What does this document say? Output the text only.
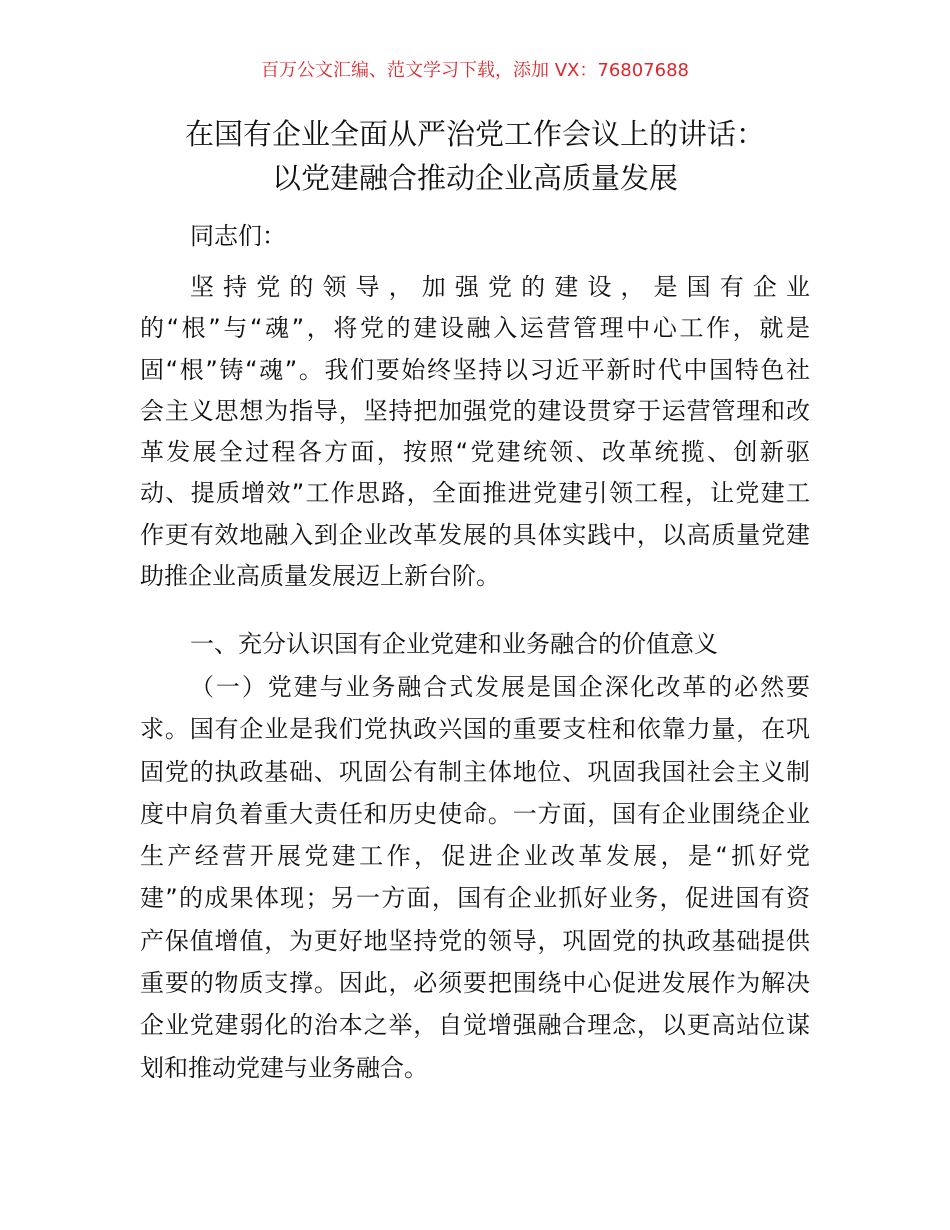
百万公文汇编、范文学习下载，添加 VX：76807688
在国有企业全面从严治党工作会议上的讲话：
以党建融合推动企业高质量发展
同志们：
坚持党的领导，加强党的建设，是国有企业
的“根”与“魂”，将党的建设融入运营管理中心工作，就是
固“根”铸“魂”。我们要始终坚持以习近平新时代中国特色社
会主义思想为指导，坚持把加强党的建设贯穿于运营管理和改
革发展全过程各方面，按照“党建统领、改革统揽、创新驱
动、提质增效”工作思路，全面推进党建引领工程，让党建工
作更有效地融入到企业改革发展的具体实践中，以高质量党建
助推企业高质量发展迈上新台阶。
一、充分认识国有企业党建和业务融合的价值意义
（一）党建与业务融合式发展是国企深化改革的必然要
求。国有企业是我们党执政兴国的重要支柱和依靠力量，在巩
固党的执政基础、巩固公有制主体地位、巩固我国社会主义制
度中肩负着重大责任和历史使命。一方面，国有企业围绕企业
生产经营开展党建工作，促进企业改革发展，是“抓好党
建”的成果体现；另一方面，国有企业抓好业务，促进国有资
产保值增值，为更好地坚持党的领导，巩固党的执政基础提供
重要的物质支撑。因此，必须要把围绕中心促进发展作为解决
企业党建弱化的治本之举，自觉增强融合理念，以更高站位谋
划和推动党建与业务融合。
